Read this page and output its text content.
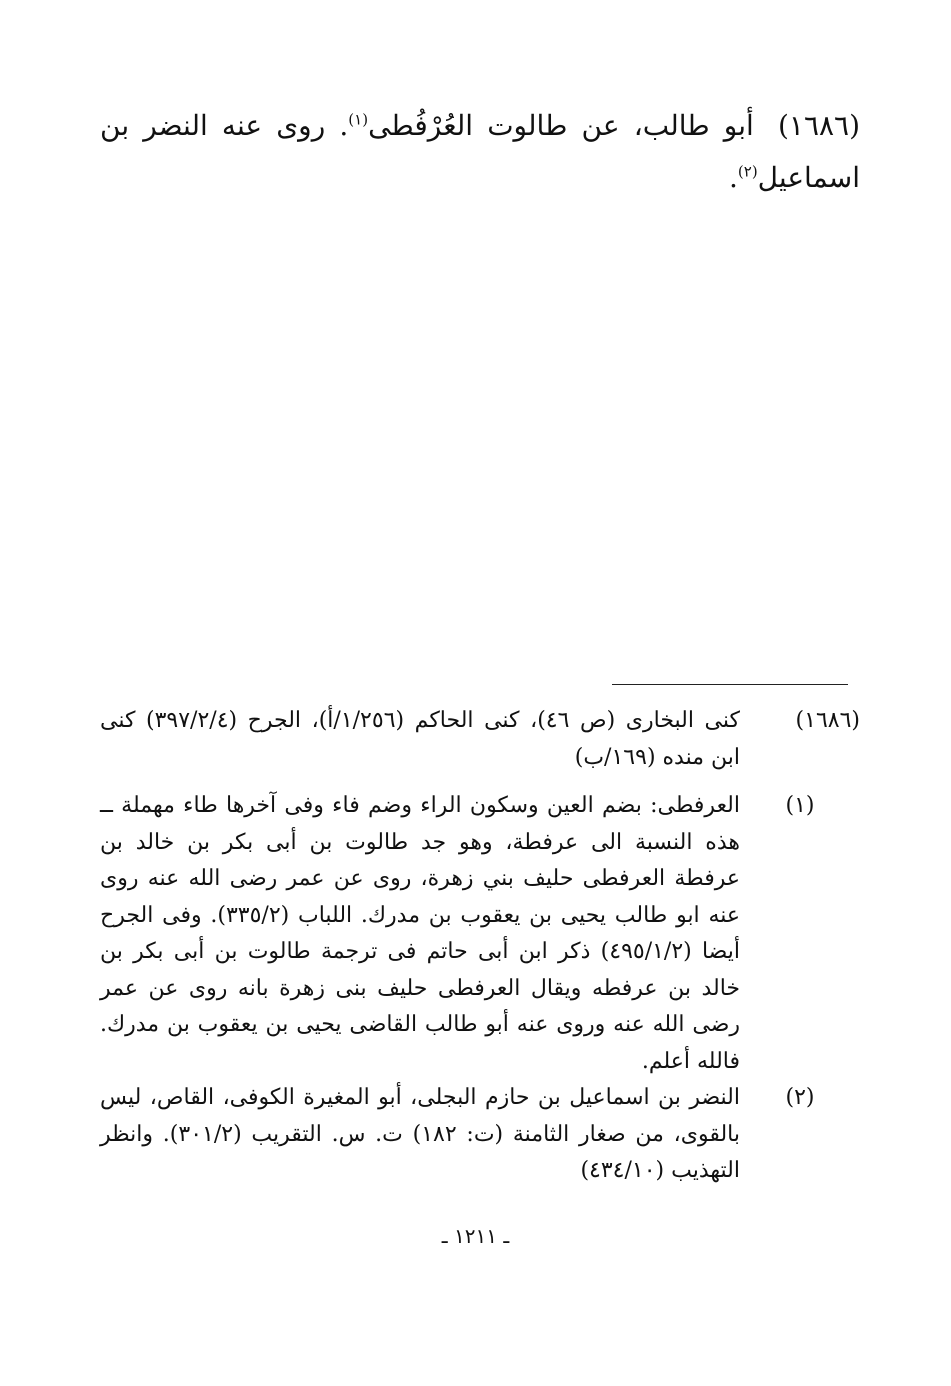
(١٦٨٦) أبو طالب، عن طالوت العُرْفُطى$^{(١)}$. روى عنه النضر بن اسماعيل$^{(٢)}$.
(١٦٨٦)
كنى البخارى (ص ٤٦)، كنى الحاكم (١/٢٥٦/أ)، الجرح (٣٩٧/٢/٤) كنى ابن منده (١٦٩/ب)
(١)
العرفطى: بضم العين وسكون الراء وضم فاء وفى آخرها طاء مهملة ــ هذه النسبة الى عرفطة، وهو جد طالوت بن أبى بكر بن خالد بن عرفطة العرفطى حليف بني زهرة، روى عن عمر رضى الله عنه روى عنه ابو طالب يحيى بن يعقوب بن مدرك. اللباب (٣٣٥/٢). وفى الجرح أيضا (٤٩٥/١/٢) ذكر ابن أبى حاتم فى ترجمة طالوت بن أبى بكر بن خالد بن عرفطه ويقال العرفطى حليف بنى زهرة بانه روى عن عمر رضى الله عنه وروى عنه أبو طالب القاضى يحيى بن يعقوب بن مدرك. فالله أعلم.
(٢)
النضر بن اسماعيل بن حازم البجلى، أبو المغيرة الكوفى، القاص، ليس بالقوى، من صغار الثامنة (ت: ١٨٢) ت. س. التقريب (٣٠١/٢). وانظر التهذيب (٤٣٤/١٠)
ـ ١٢١١ ـ
